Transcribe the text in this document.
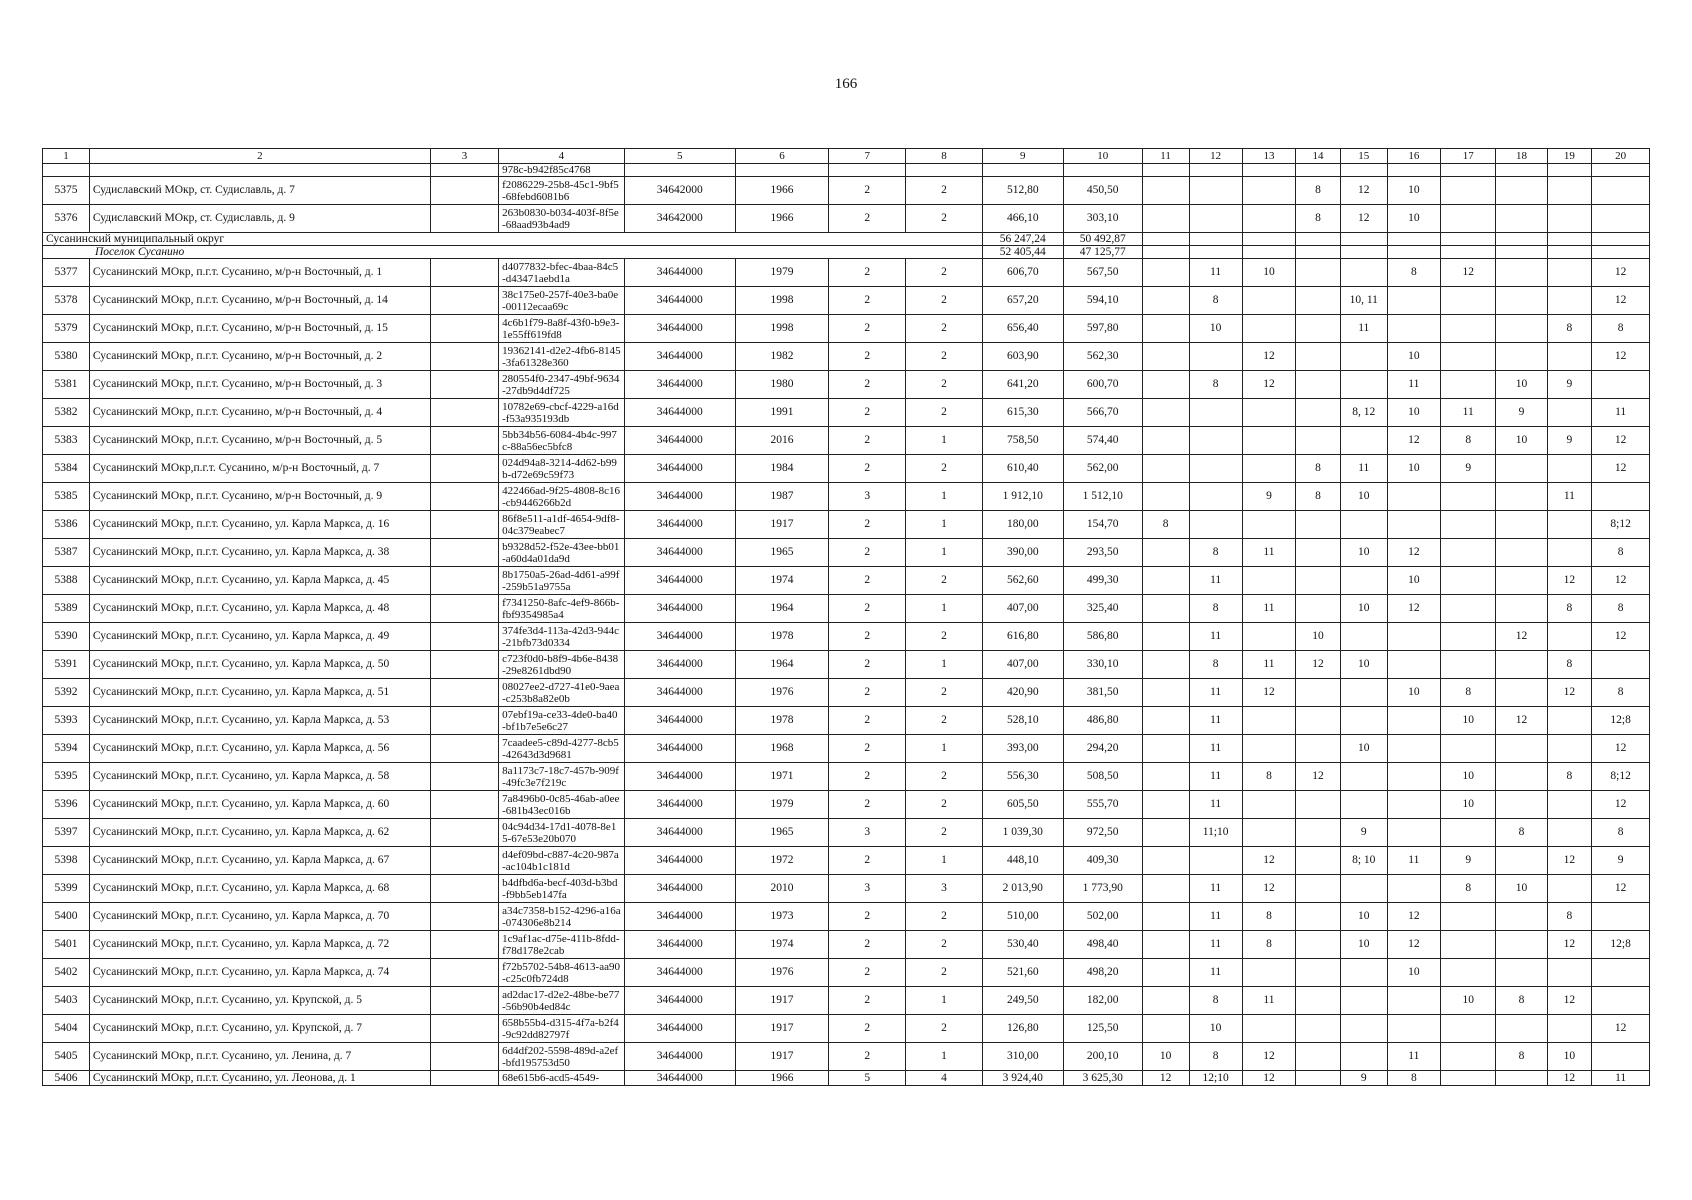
166
1	2	3	4	5	6	7	8	9	10	11	12	13	14	15	16	17	18	19	20
			978c-b942f85c4768																
5375	Судиславский МОкр, ст. Судиславль, д. 7		f2086229-25b8-45c1-9bf5-68febd6081b6	34642000	1966	2	2	512,80	450,50				8	12	10				
5376	Судиславский МОкр, ст. Судиславль, д. 9		263b0830-b034-403f-8f5e-68aad93b4ad9	34642000	1966	2	2	466,10	303,10				8	12	10				
Сусанинский муниципальный округ								56 247,24	50 492,87										
Поселок Сусанино								52 405,44	47 125,77										
5377	Сусанинский МОкр, п.г.т. Сусанино, м/р-н Восточный, д. 1		d4077832-bfec-4baa-84c5-d43471aebd1a	34644000	1979	2	2	606,70	567,50		11	10			8	12			12
5378	Сусанинский МОкр, п.г.т. Сусанино, м/р-н Восточный, д. 14		38c175e0-257f-40e3-ba0e-00112ecaa69c	34644000	1998	2	2	657,20	594,10		8			10, 11					12
5379	Сусанинский МОкр, п.г.т. Сусанино, м/р-н Восточный, д. 15		4c6b1f79-8a8f-43f0-b9e3-1e55ff619fd8	34644000	1998	2	2	656,40	597,80		10			11				8	8
5380	Сусанинский МОкр, п.г.т. Сусанино, м/р-н Восточный, д. 2		19362141-d2e2-4fb6-8145-3fa61328e360	34644000	1982	2	2	603,90	562,30			12			10				12
5381	Сусанинский МОкр, п.г.т. Сусанино, м/р-н Восточный, д. 3		280554f0-2347-49bf-9634-27db9d4df725	34644000	1980	2	2	641,20	600,70		8	12			11		10	9	
5382	Сусанинский МОкр, п.г.т. Сусанино, м/р-н Восточный, д. 4		10782e69-cbcf-4229-a16d-f53a935193db	34644000	1991	2	2	615,30	566,70					8, 12	10	11	9		11
5383	Сусанинский МОкр, п.г.т. Сусанино, м/р-н Восточный, д. 5		5bb34b56-6084-4b4c-997c-88a56ec5bfc8	34644000	2016	2	1	758,50	574,40						12	8	10	9	12
5384	Сусанинский МОкр,п.г.т. Сусанино, м/р-н Восточный, д. 7		024d94a8-3214-4d62-b99b-d72e69c59f73	34644000	1984	2	2	610,40	562,00				8	11	10	9			12
5385	Сусанинский МОкр, п.г.т. Сусанино, м/р-н Восточный, д. 9		422466ad-9f25-4808-8c16-cb9446266b2d	34644000	1987	3	1	1 912,10	1 512,10			9	8	10				11	
5386	Сусанинский МОкр, п.г.т. Сусанино, ул. Карла Маркса, д. 16		86f8e511-a1df-4654-9df8-04c379eabec7	34644000	1917	2	1	180,00	154,70	8									8;12
5387	Сусанинский МОкр, п.г.т. Сусанино, ул. Карла Маркса, д. 38		b9328d52-f52e-43ee-bb01-a60d4a01da9d	34644000	1965	2	1	390,00	293,50		8	11		10	12				8
5388	Сусанинский МОкр, п.г.т. Сусанино, ул. Карла Маркса, д. 45		8b1750a5-26ad-4d61-a99f-259b51a9755a	34644000	1974	2	2	562,60	499,30		11				10			12	12
5389	Сусанинский МОкр, п.г.т. Сусанино, ул. Карла Маркса, д. 48		f7341250-8afc-4ef9-866b-fbf9354985a4	34644000	1964	2	1	407,00	325,40		8	11		10	12			8	8
5390	Сусанинский МОкр, п.г.т. Сусанино, ул. Карла Маркса, д. 49		374fe3d4-113a-42d3-944c-21bfb73d0334	34644000	1978	2	2	616,80	586,80		11		10				12		12
5391	Сусанинский МОкр, п.г.т. Сусанино, ул. Карла Маркса, д. 50		c723f0d0-b8f9-4b6e-8438-29e8261dbd90	34644000	1964	2	1	407,00	330,10		8	11	12	10				8	
5392	Сусанинский МОкр, п.г.т. Сусанино, ул. Карла Маркса, д. 51		08027ee2-d727-41e0-9aea-c253b8a82e0b	34644000	1976	2	2	420,90	381,50		11	12			10	8		12	8
5393	Сусанинский МОкр, п.г.т. Сусанино, ул. Карла Маркса, д. 53		07ebf19a-ce33-4de0-ba40-bf1b7e5e6c27	34644000	1978	2	2	528,10	486,80		11					10	12		12;8
5394	Сусанинский МОкр, п.г.т. Сусанино, ул. Карла Маркса, д. 56		7caadee5-c89d-4277-8cb5-42643d3d9681	34644000	1968	2	1	393,00	294,20		11			10					12
5395	Сусанинский МОкр, п.г.т. Сусанино, ул. Карла Маркса, д. 58		8a1173c7-18c7-457b-909f-49fc3e7f219c	34644000	1971	2	2	556,30	508,50		11	8	12			10		8	8;12
5396	Сусанинский МОкр, п.г.т. Сусанино, ул. Карла Маркса, д. 60		7a8496b0-0c85-46ab-a0ee-681b43ec016b	34644000	1979	2	2	605,50	555,70		11					10			12
5397	Сусанинский МОкр, п.г.т. Сусанино, ул. Карла Маркса, д. 62		04c94d34-17d1-4078-8e15-67e53e20b070	34644000	1965	3	2	1 039,30	972,50		11;10			9			8		8
5398	Сусанинский МОкр, п.г.т. Сусанино, ул. Карла Маркса, д. 67		d4ef09bd-c887-4c20-987a-ac104b1c181d	34644000	1972	2	1	448,10	409,30			12		8; 10	11	9		12	9
5399	Сусанинский МОкр, п.г.т. Сусанино, ул. Карла Маркса, д. 68		b4dfbd6a-becf-403d-b3bd-f9bb5eb147fa	34644000	2010	3	3	2 013,90	1 773,90		11	12				8	10		12
5400	Сусанинский МОкр, п.г.т. Сусанино, ул. Карла Маркса, д. 70		a34c7358-b152-4296-a16a-074306e8b214	34644000	1973	2	2	510,00	502,00		11	8		10	12			8	
5401	Сусанинский МОкр, п.г.т. Сусанино, ул. Карла Маркса, д. 72		1c9af1ac-d75e-411b-8fdd-f78d178e2cab	34644000	1974	2	2	530,40	498,40		11	8		10	12			12	12;8
5402	Сусанинский МОкр, п.г.т. Сусанино, ул. Карла Маркса, д. 74		f72b5702-54b8-4613-aa90-c25c0fb724d8	34644000	1976	2	2	521,60	498,20		11				10				
5403	Сусанинский МОкр, п.г.т. Сусанино, ул. Крупской, д. 5		ad2dac17-d2e2-48be-be77-56b90b4ed84c	34644000	1917	2	1	249,50	182,00		8	11				10	8	12	
5404	Сусанинский МОкр, п.г.т. Сусанино, ул. Крупской, д. 7		658b55b4-d315-4f7a-b2f4-9c92dd82797f	34644000	1917	2	2	126,80	125,50		10								12
5405	Сусанинский МОкр, п.г.т. Сусанино, ул. Ленина, д. 7		6d4df202-5598-489d-a2ef-bfd195753d50	34644000	1917	2	1	310,00	200,10	10	8	12			11		8	10	
5406	Сусанинский МОкр, п.г.т. Сусанино, ул. Леонова, д. 1		68e615b6-acd5-4549-	34644000	1966	5	4	3 924,40	3 625,30	12	12;10	12		9	8			12	11
